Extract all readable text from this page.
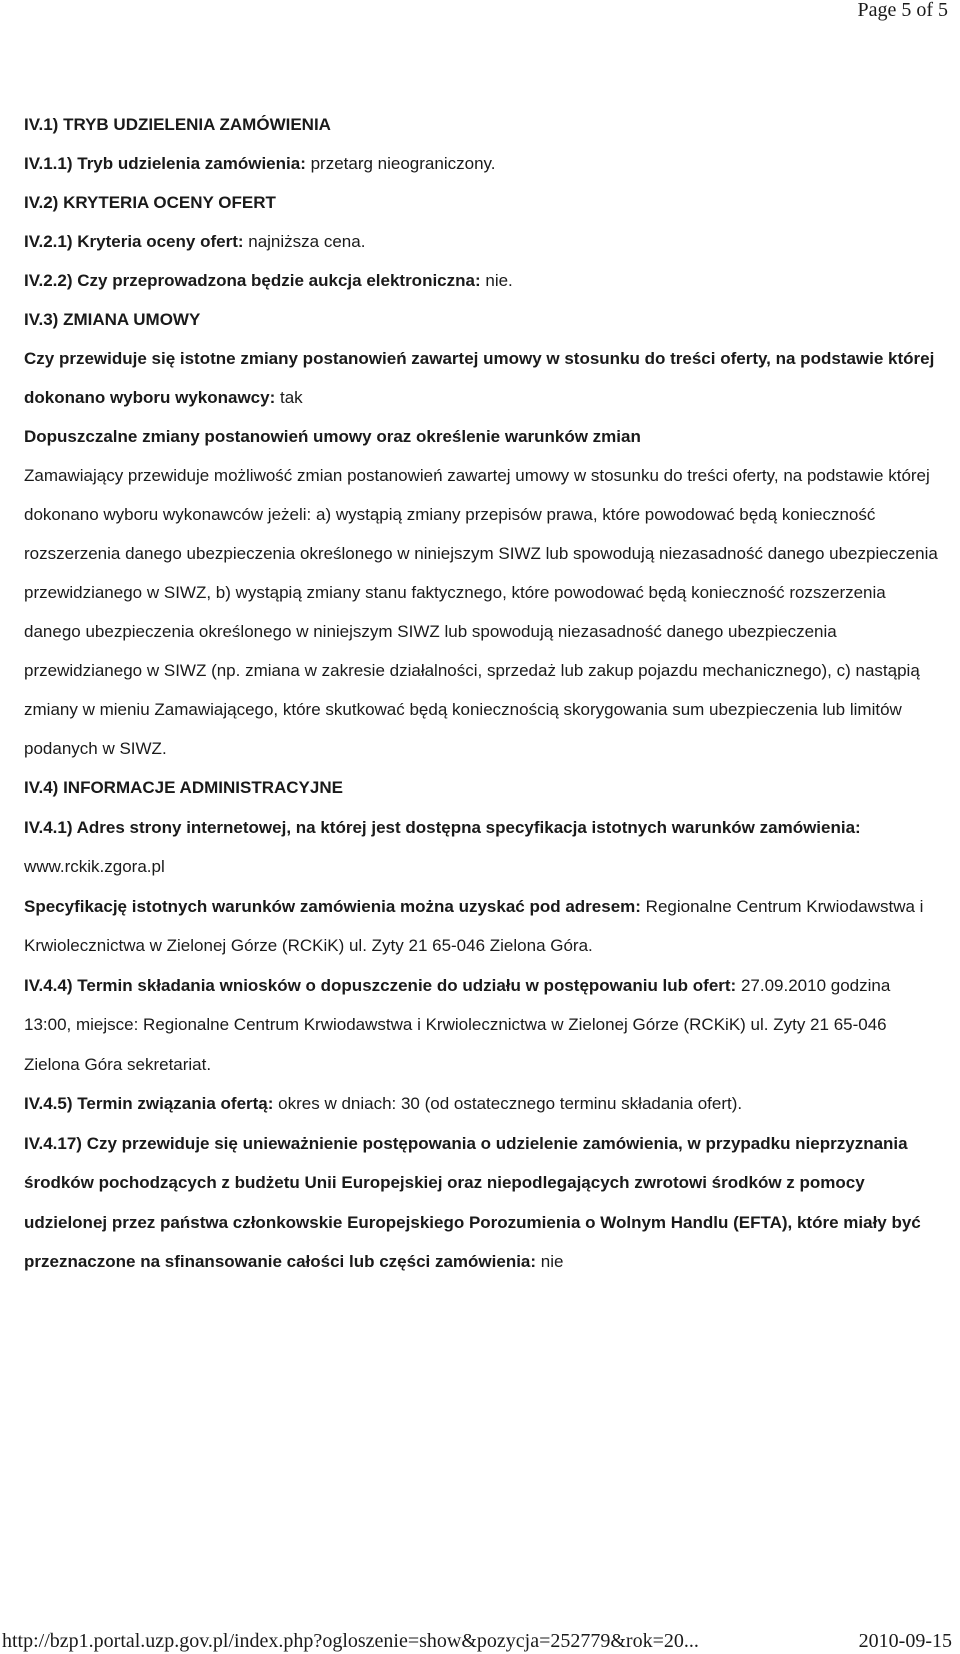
Page 5 of 5

IV.1) TRYB UDZIELENIA ZAMÓWIENIA

IV.1.1) Tryb udzielenia zamówienia: przetarg nieograniczony.

IV.2) KRYTERIA OCENY OFERT

IV.2.1) Kryteria oceny ofert: najniższa cena.

IV.2.2) Czy przeprowadzona będzie aukcja elektroniczna: nie.

IV.3) ZMIANA UMOWY

Czy przewiduje się istotne zmiany postanowień zawartej umowy w stosunku do treści oferty, na podstawie której dokonano wyboru wykonawcy: tak

Dopuszczalne zmiany postanowień umowy oraz określenie warunków zmian

Zamawiający przewiduje możliwość zmian postanowień zawartej umowy w stosunku do treści oferty, na podstawie której dokonano wyboru wykonawców jeżeli: a) wystąpią zmiany przepisów prawa, które powodować będą konieczność rozszerzenia danego ubezpieczenia określonego w niniejszym SIWZ lub spowodują niezasadność danego ubezpieczenia przewidzianego w SIWZ, b) wystąpią zmiany stanu faktycznego, które powodować będą konieczność rozszerzenia danego ubezpieczenia określonego w niniejszym SIWZ lub spowodują niezasadność danego ubezpieczenia przewidzianego w SIWZ (np. zmiana w zakresie działalności, sprzedaż lub zakup pojazdu mechanicznego), c) nastąpią zmiany w mieniu Zamawiającego, które skutkować będą koniecznością skorygowania sum ubezpieczenia lub limitów podanych w SIWZ.

IV.4) INFORMACJE ADMINISTRACYJNE

IV.4.1) Adres strony internetowej, na której jest dostępna specyfikacja istotnych warunków zamówienia: www.rckik.zgora.pl

Specyfikację istotnych warunków zamówienia można uzyskać pod adresem: Regionalne Centrum Krwiodawstwa i Krwiolecznictwa w Zielonej Górze (RCKiK) ul. Zyty 21 65-046 Zielona Góra.

IV.4.4) Termin składania wniosków o dopuszczenie do udziału w postępowaniu lub ofert: 27.09.2010 godzina 13:00, miejsce: Regionalne Centrum Krwiodawstwa i Krwiolecznictwa w Zielonej Górze (RCKiK) ul. Zyty 21 65-046 Zielona Góra sekretariat.

IV.4.5) Termin związania ofertą: okres w dniach: 30 (od ostatecznego terminu składania ofert).

IV.4.17) Czy przewiduje się unieważnienie postępowania o udzielenie zamówienia, w przypadku nieprzyznania środków pochodzących z budżetu Unii Europejskiej oraz niepodlegających zwrotowi środków z pomocy udzielonej przez państwa członkowskie Europejskiego Porozumienia o Wolnym Handlu (EFTA), które miały być przeznaczone na sfinansowanie całości lub części zamówienia: nie

http://bzp1.portal.uzp.gov.pl/index.php?ogloszenie=show&pozycja=252779&rok=20...	2010-09-15
